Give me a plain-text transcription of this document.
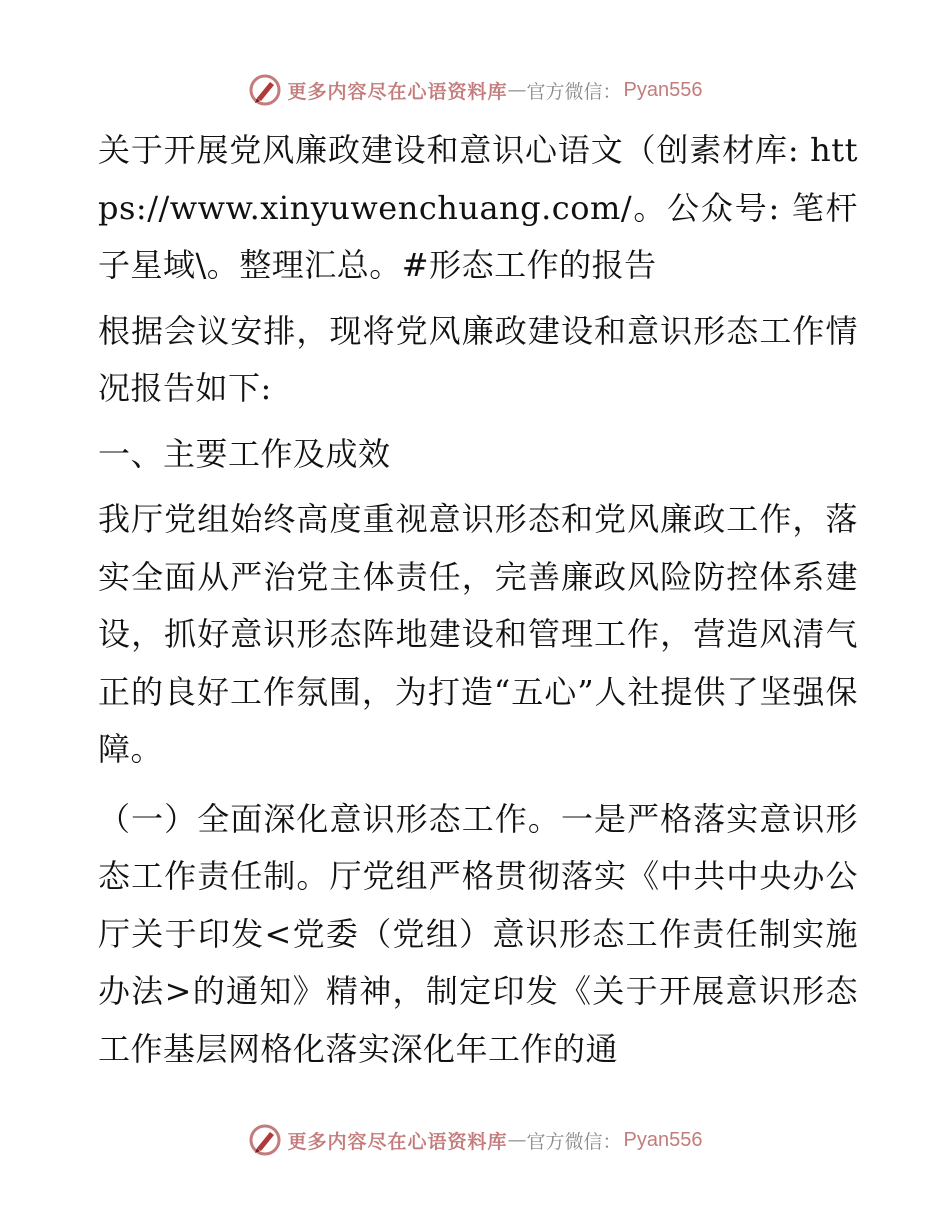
更多内容尽在心语资料库 — 官方微信： Pyan556

关于开展党风廉政建设和意识心语文（创素材库: https://www.xinyuwenchuang.com/。公众号: 笔杆子星域\。整理汇总。#形态工作的报告

根据会议安排，现将党风廉政建设和意识形态工作情况报告如下:

一、主要工作及成效

我厅党组始终高度重视意识形态和党风廉政工作，落实全面从严治党主体责任，完善廉政风险防控体系建设，抓好意识形态阵地建设和管理工作，营造风清气正的良好工作氛围，为打造“五心”人社提供了坚强保障。

（一）全面深化意识形态工作。一是严格落实意识形态工作责任制。厅党组严格贯彻落实《中共中央办公厅关于印发<党委（党组）意识形态工作责任制实施办法>的通知》精神，制定印发《关于开展意识形态工作基层网格化落实深化年工作的通

更多内容尽在心语资料库 — 官方微信： Pyan556
